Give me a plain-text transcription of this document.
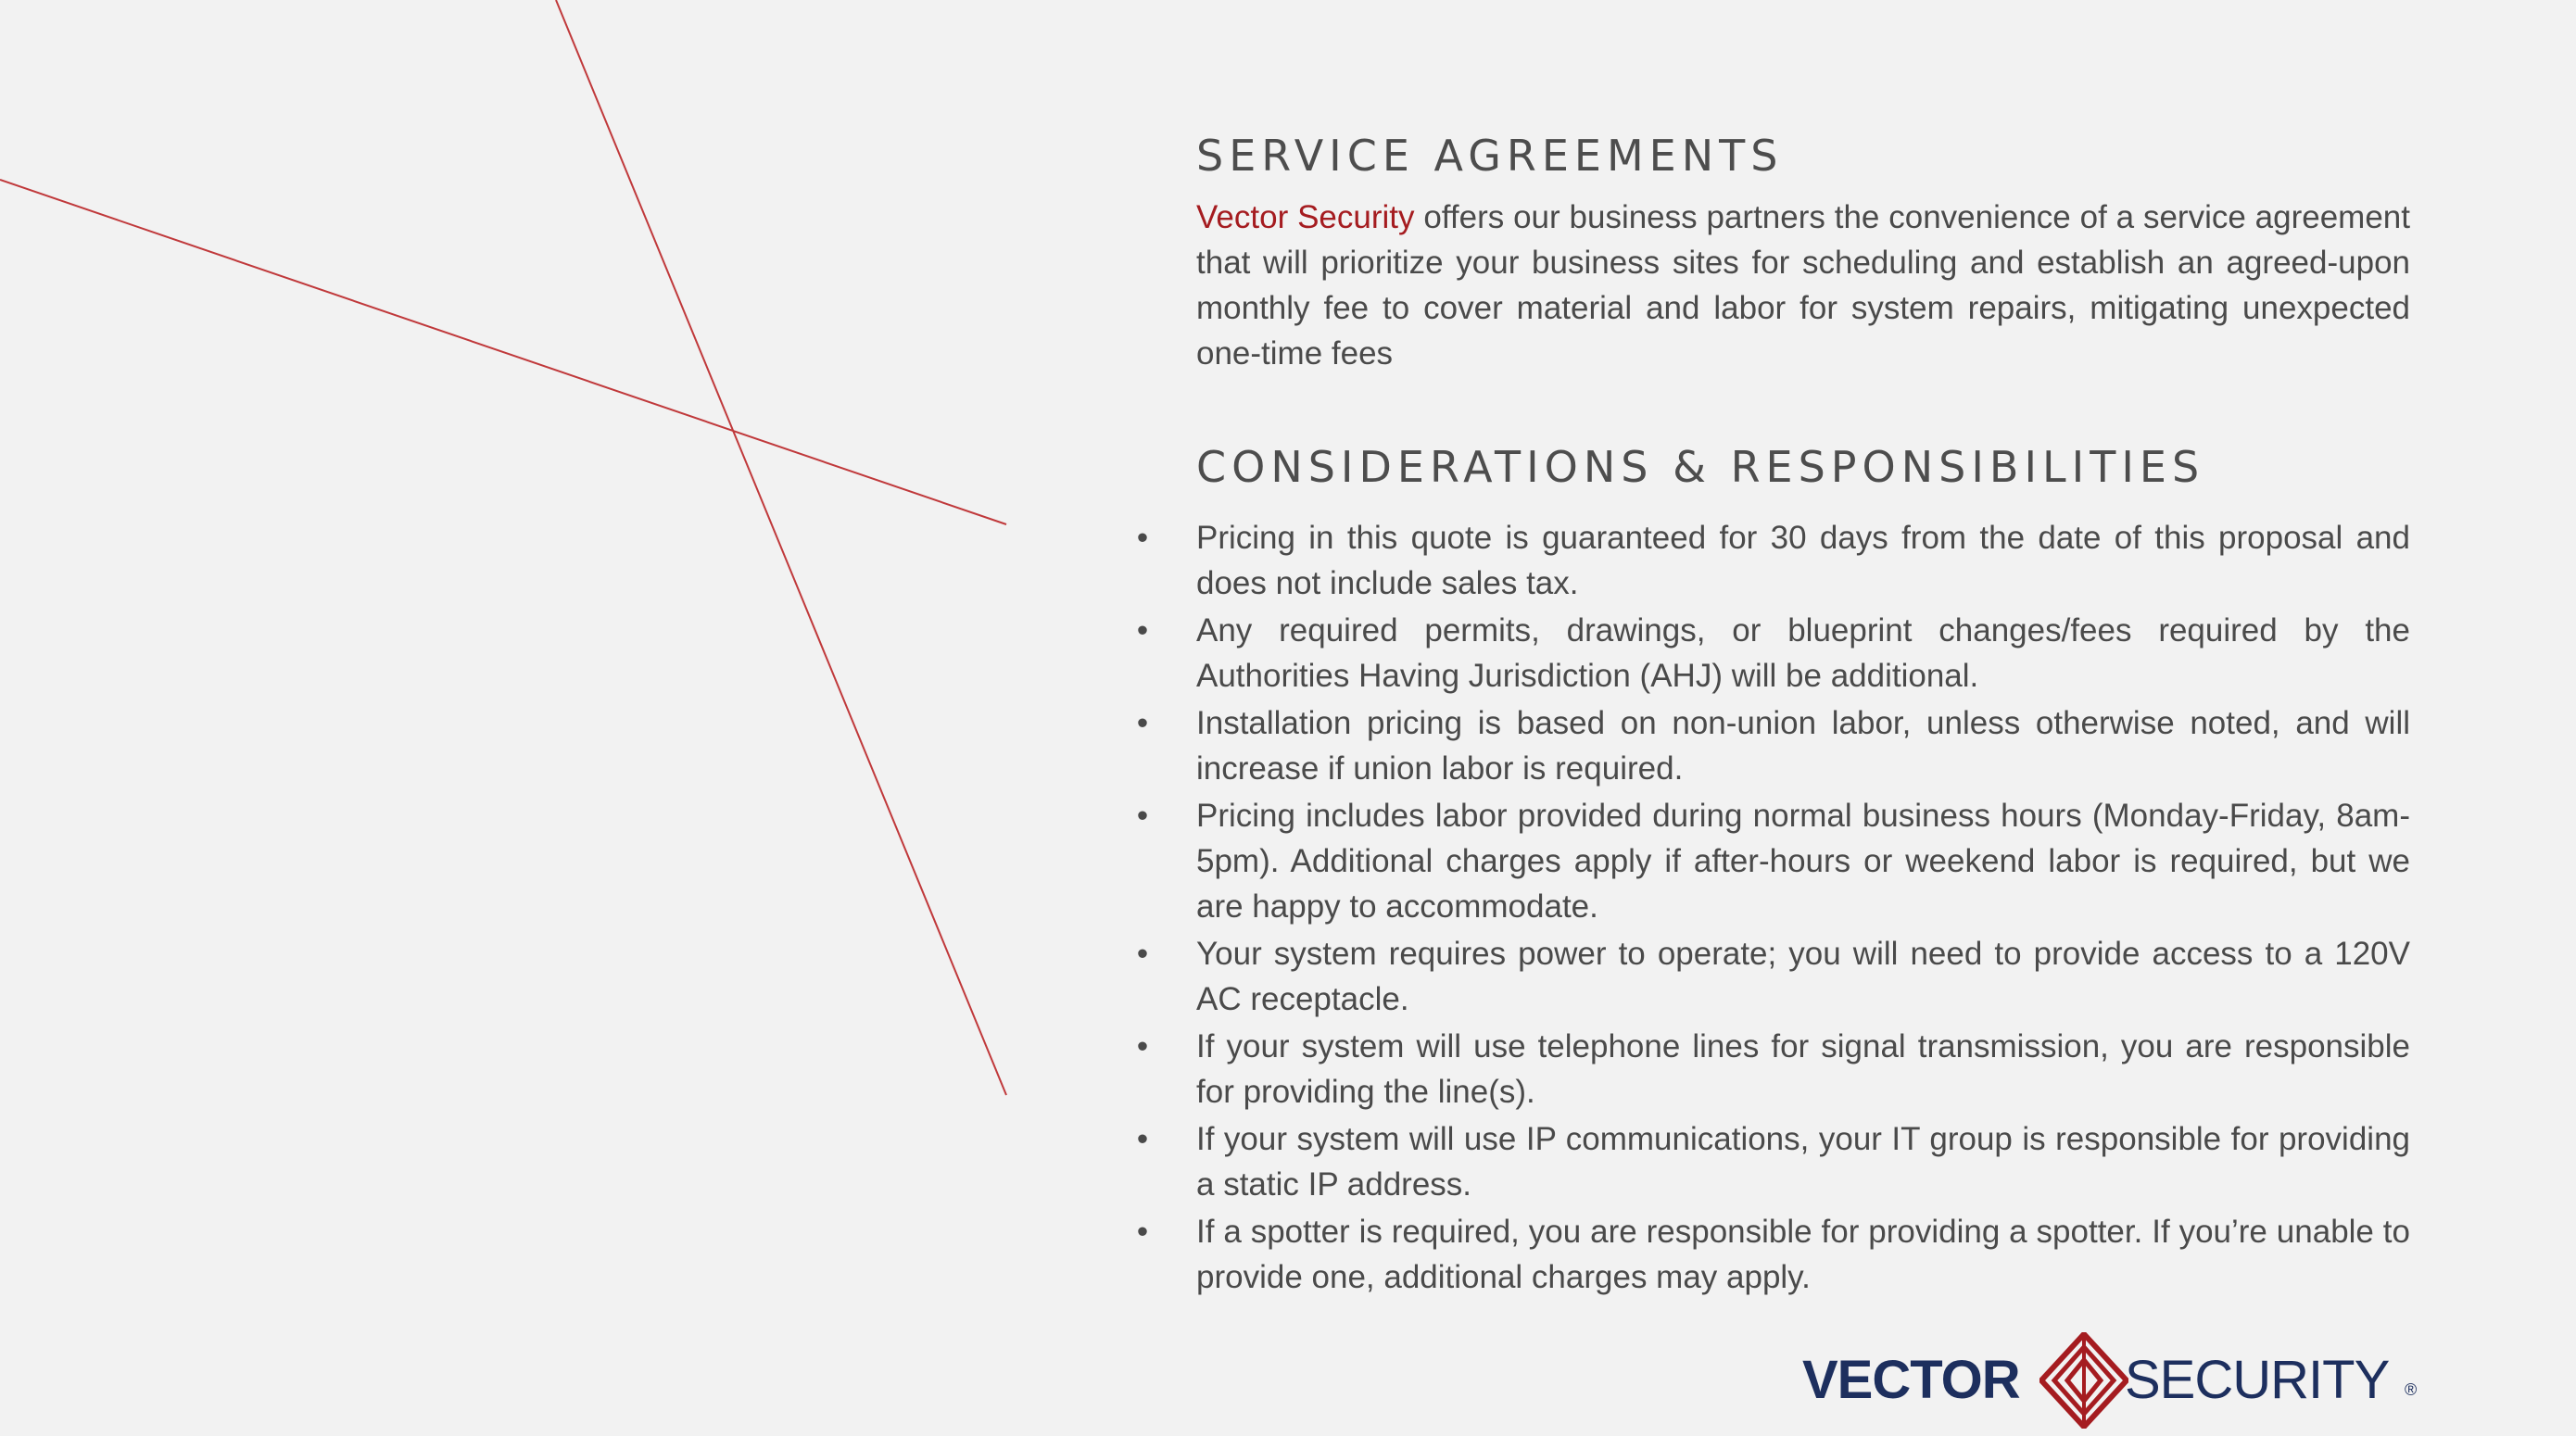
SERVICE AGREEMENTS

Vector Security offers our business partners the convenience of a service agreement that will prioritize your business sites for scheduling and establish an agreed-upon monthly fee to cover material and labor for system repairs, mitigating unexpected one-time fees

CONSIDERATIONS & RESPONSIBILITIES
• Pricing in this quote is guaranteed for 30 days from the date of this proposal and does not include sales tax.
• Any required permits, drawings, or blueprint changes/fees required by the Authorities Having Jurisdiction (AHJ) will be additional.
• Installation pricing is based on non-union labor, unless otherwise noted, and will increase if union labor is required.
• Pricing includes labor provided during normal business hours (Monday-Friday, 8am-5pm). Additional charges apply if after-hours or weekend labor is required, but we are happy to accommodate.
• Your system requires power to operate; you will need to provide access to a 120V AC receptacle.
• If your system will use telephone lines for signal transmission, you are responsible for providing the line(s).
• If your system will use IP communications, your IT group is responsible for providing a static IP address.
• If a spotter is required, you are responsible for providing a spotter. If you’re unable to provide one, additional charges may apply.
VECTOR SECURITY ®
